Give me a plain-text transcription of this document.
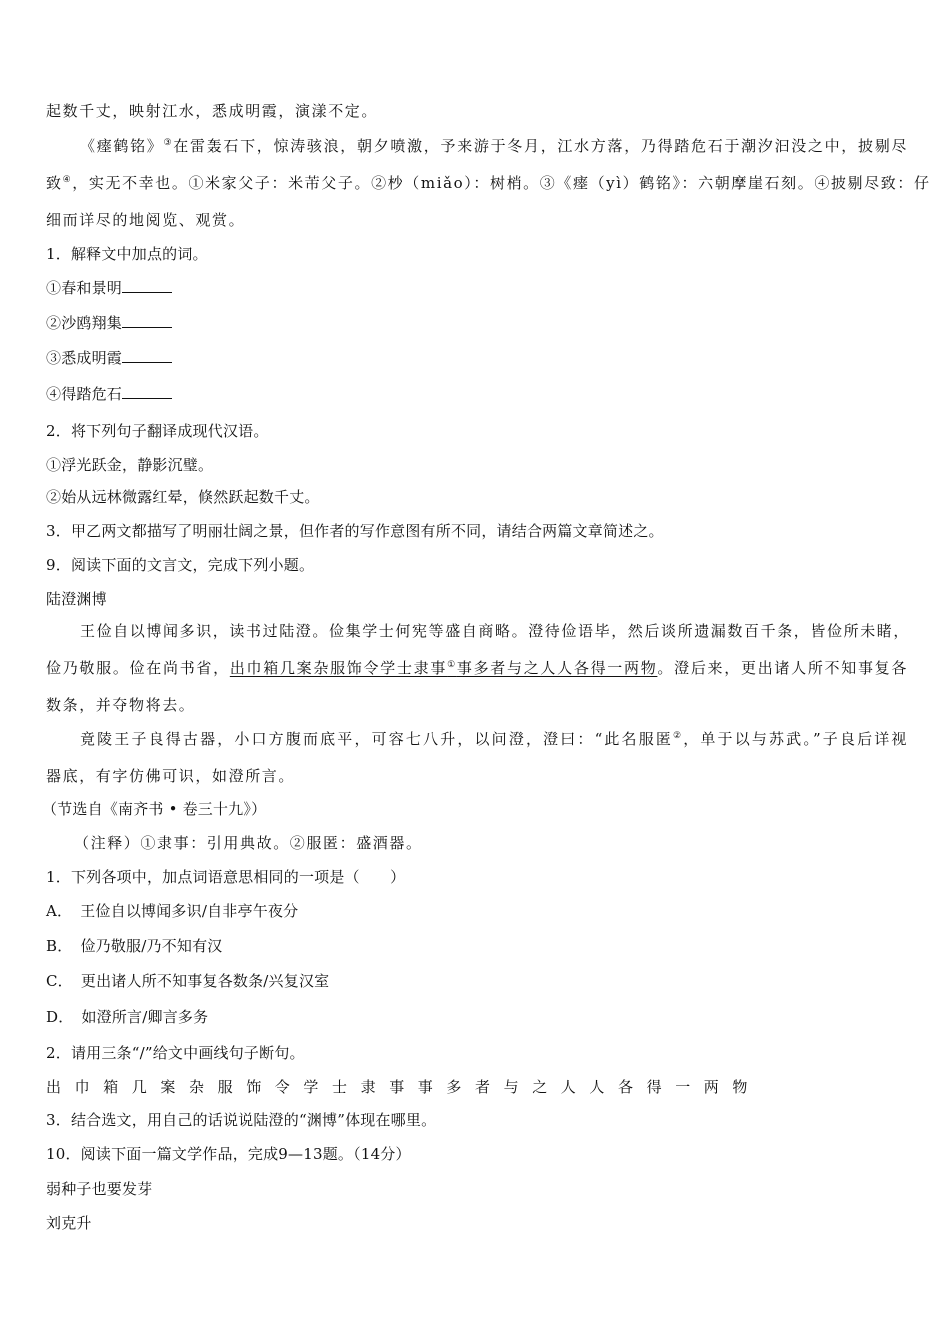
起数千丈，映射江水，悉成明霞，演漾不定。
《瘗鹤铭》③在雷轰石下，惊涛骇浪，朝夕喷激，予来游于冬月，江水方落，乃得踏危石于潮汐汩没之中，披剔尽
致④，实无不幸也。①米家父子：米芾父子。②杪（miǎo）：树梢。③《瘗（yì）鹤铭》：六朝摩崖石刻。④披剔尽致：仔
细而详尽的地阅览、观赏。
1．解释文中加点的词。
①春和景明
②沙鸥翔集
③悉成明霞
④得踏危石
2．将下列句子翻译成现代汉语。
①浮光跃金，静影沉璧。
②始从远林微露红晕，倏然跃起数千丈。
3．甲乙两文都描写了明丽壮阔之景，但作者的写作意图有所不同，请结合两篇文章简述之。
9．阅读下面的文言文，完成下列小题。
陆澄渊博
王俭自以博闻多识，读书过陆澄。俭集学士何宪等盛自商略。澄待俭语毕，然后谈所遗漏数百千条，皆俭所未睹，
俭乃敬服。俭在尚书省，出巾箱几案杂服饰令学士隶事①事多者与之人人各得一两物。澄后来，更出诸人所不知事复各
数条，并夺物将去。
竟陵王子良得古器，小口方腹而底平，可容七八升，以问澄，澄曰：“此名服匿②，单于以与苏武。”子良后详视
器底，有字仿佛可识，如澄所言。
（节选自《南齐书 • 卷三十九》）
（注释）①隶事：引用典故。②服匿：盛酒器。
1．下列各项中，加点词语意思相同的一项是（　　）
A． 王俭自以博闻多识/自非亭午夜分
B． 俭乃敬服/乃不知有汉
C． 更出诸人所不知事复各数条/兴复汉室
D． 如澄所言/卿言多务
2．请用三条“/”给文中画线句子断句。
出巾箱几案杂服饰令学士隶事事多者与之人人各得一两物
3．结合选文，用自己的话说说陆澄的“渊博”体现在哪里。
10．阅读下面一篇文学作品，完成9—13题。（14分）
弱种子也要发芽
刘克升
